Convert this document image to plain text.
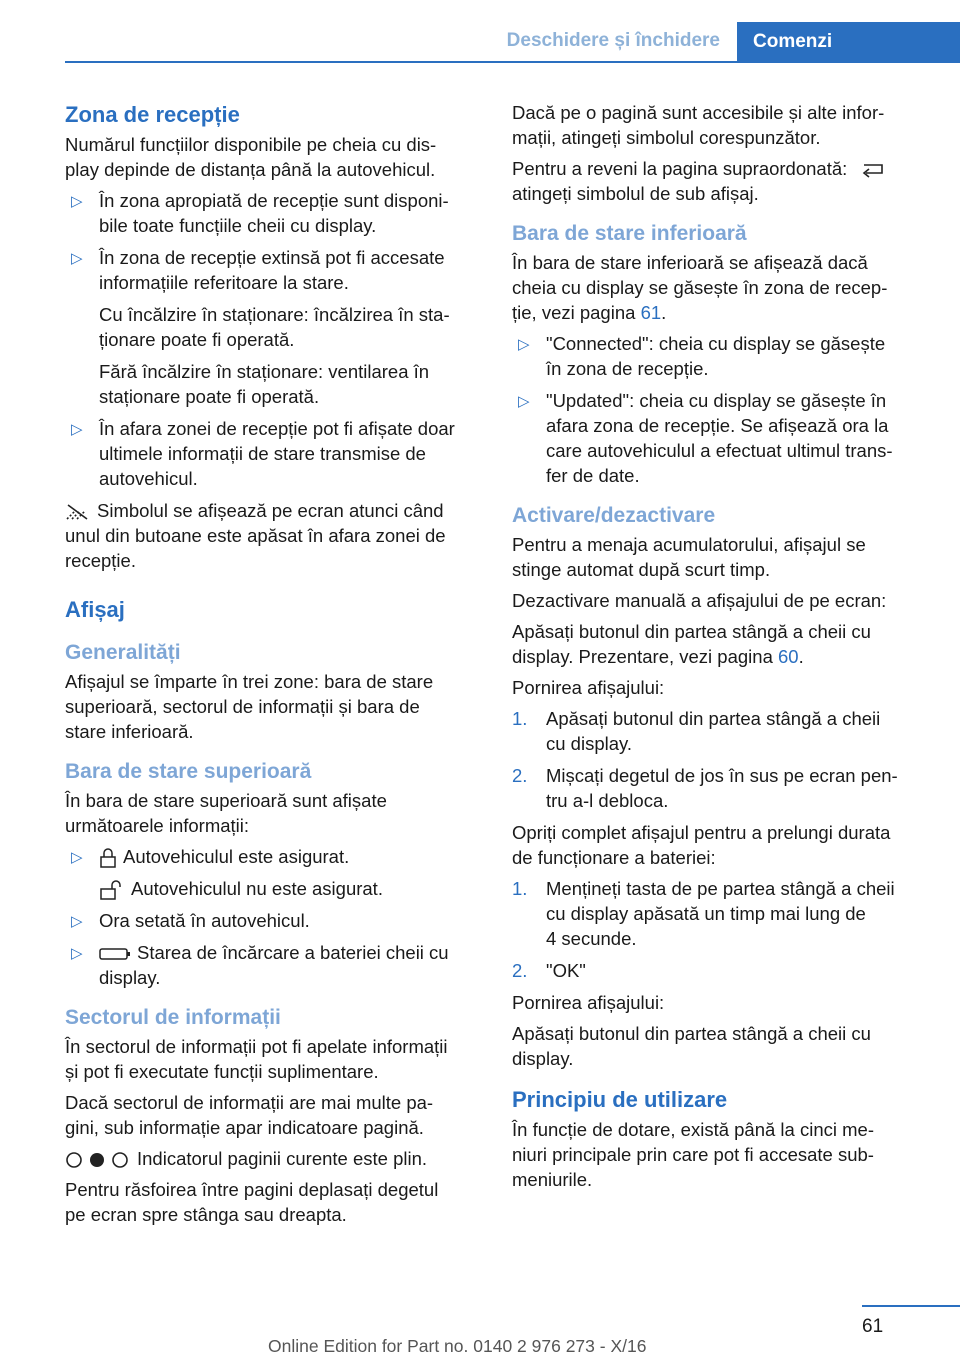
Deschidere și închidere	Comenzi
Zona de recepție

Numărul funcțiilor disponibile pe cheia cu dis-
play depinde de distanța până la autovehicul.

▷ În zona apropiată de recepție sunt disponi-
bile toate funcțiile cheii cu display.
▷ În zona de recepție extinsă pot fi accesate
informațiile referitoare la stare.
Cu încălzire în staționare: încălzirea în sta-
ționare poate fi operată.
Fără încălzire în staționare: ventilarea în
staționare poate fi operată.
▷ În afara zonei de recepție pot fi afișate doar
ultimele informații de stare transmise de
autovehicul.

Simbolul se afișează pe ecran atunci când
unul din butoane este apăsat în afara zonei de
recepție.

Afișaj
Generalități

Afișajul se împarte în trei zone: bara de stare
superioară, sectorul de informații și bara de
stare inferioară.

Bara de stare superioară

În bara de stare superioară sunt afișate
următoarele informații:

▷ Autovehiculul este asigurat.
Autovehiculul nu este asigurat.
▷ Ora setată în autovehicul.
▷	Starea de încărcare a bateriei cheii cu
display.
Sectorul de informații

În sectorul de informații pot fi apelate informații
și pot fi executate funcții suplimentare.

Dacă sectorul de informații are mai multe pa-
gini, sub informație apar indicatoare pagină.

Indicatorul paginii curente este plin.

Pentru răsfoirea între pagini deplasați degetul
pe ecran spre stânga sau dreapta.

Dacă pe o pagină sunt accesibile și alte infor-
mații, atingeți simbolul corespunzător.

Pentru a reveni la pagina supraordonată:
atingeți simbolul de sub afișaj.

Bara de stare inferioară

În bara de stare inferioară se afișează dacă
cheia cu display se găsește în zona de recep-
ție, vezi pagina 61.

▷ "Connected": cheia cu display se găsește
în zona de recepție.
▷ "Updated": cheia cu display se găsește în
afara zona de recepție. Se afișează ora la
care autovehiculul a efectuat ultimul trans-
fer de date.
Activare/dezactivare

Pentru a menaja acumulatorului, afișajul se
stinge automat după scurt timp.

Dezactivare manuală a afișajului de pe ecran:

Apăsați butonul din partea stângă a cheii cu
display. Prezentare, vezi pagina 60.

Pornirea afișajului:

1. Apăsați butonul din partea stângă a cheii
cu display.
2. Mișcați degetul de jos în sus pe ecran pen-
tru a-l debloca.

Opriți complet afișajul pentru a prelungi durata
de funcționare a bateriei:

1. Mențineți tasta de pe partea stângă a cheii
cu display apăsată un timp mai lung de
4 secunde.
2. "OK"

Pornirea afișajului:

Apăsați butonul din partea stângă a cheii cu
display.

Principiu de utilizare

În funcție de dotare, există până la cinci me-
niuri principale prin care pot fi accesate sub-
meniurile.

61
Online Edition for Part no. 0140 2 976 273 - X/16
